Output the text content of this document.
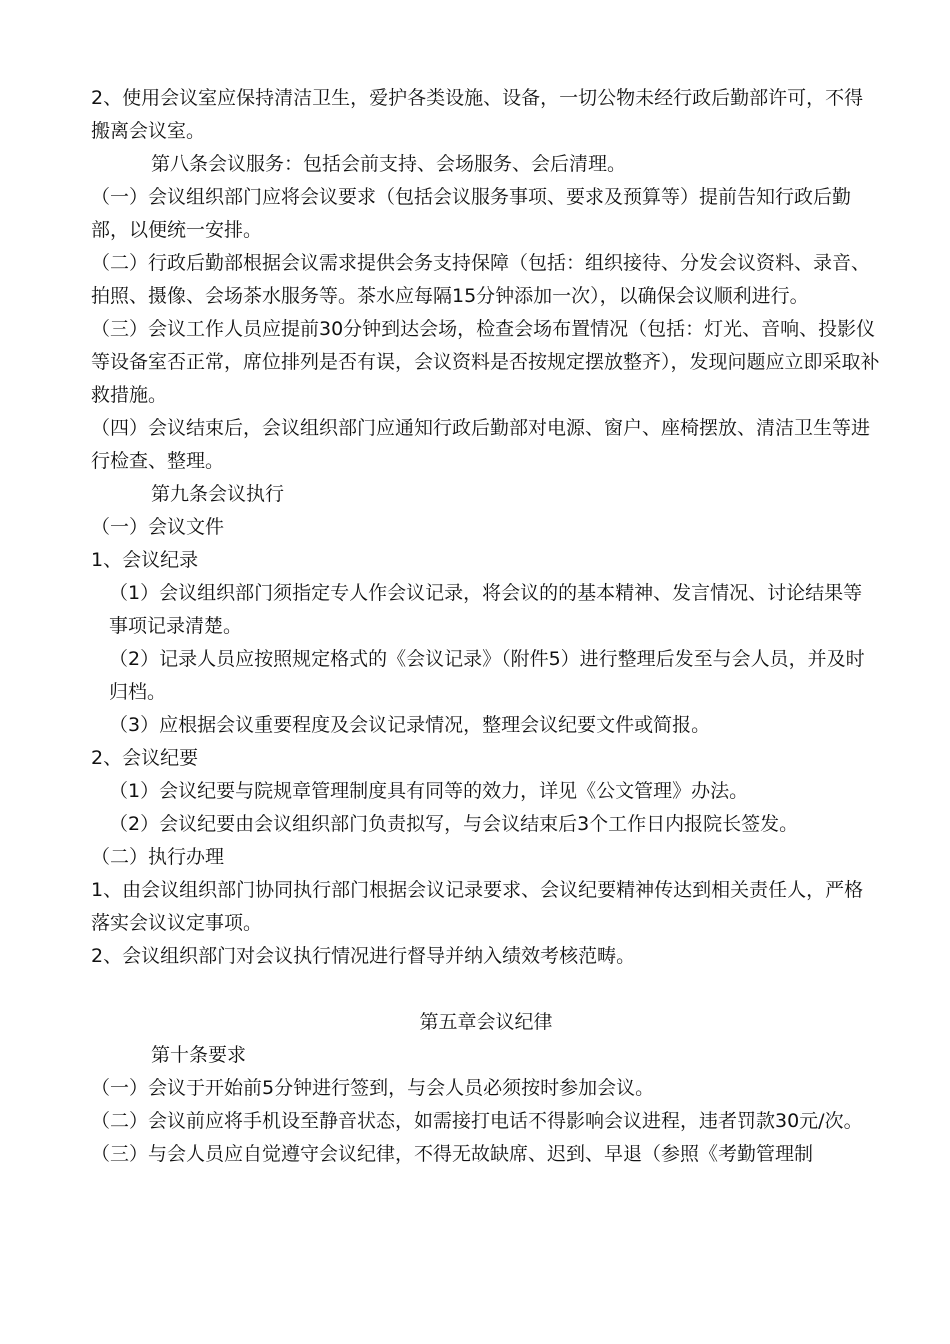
2、使用会议室应保持清洁卫生，爱护各类设施、设备，一切公物未经行政后勤部许可，不得搬离会议室。

第八条会议服务：包括会前支持、会场服务、会后清理。

（一）会议组织部门应将会议要求（包括会议服务事项、要求及预算等）提前告知行政后勤部，以便统一安排。

（二）行政后勤部根据会议需求提供会务支持保障（包括：组织接待、分发会议资料、录音、拍照、摄像、会场茶水服务等。茶水应每隔15分钟添加一次），以确保会议顺利进行。

（三）会议工作人员应提前30分钟到达会场，检查会场布置情况（包括：灯光、音响、投影仪等设备室否正常，席位排列是否有误，会议资料是否按规定摆放整齐），发现问题应立即采取补救措施。

（四）会议结束后，会议组织部门应通知行政后勤部对电源、窗户、座椅摆放、清洁卫生等进行检查、整理。

第九条会议执行

（一）会议文件

1、会议纪录

（1）会议组织部门须指定专人作会议记录，将会议的的基本精神、发言情况、讨论结果等事项记录清楚。

（2）记录人员应按照规定格式的《会议记录》（附件5）进行整理后发至与会人员，并及时归档。

（3）应根据会议重要程度及会议记录情况，整理会议纪要文件或简报。

2、会议纪要

（1）会议纪要与院规章管理制度具有同等的效力，详见《公文管理》办法。

（2）会议纪要由会议组织部门负责拟写，与会议结束后3个工作日内报院长签发。

（二）执行办理

1、由会议组织部门协同执行部门根据会议记录要求、会议纪要精神传达到相关责任人，严格落实会议议定事项。

2、会议组织部门对会议执行情况进行督导并纳入绩效考核范畴。

第五章会议纪律

第十条要求

（一）会议于开始前5分钟进行签到，与会人员必须按时参加会议。

（二）会议前应将手机设至静音状态，如需接打电话不得影响会议进程，违者罚款30元/次。

（三）与会人员应自觉遵守会议纪律，不得无故缺席、迟到、早退（参照《考勤管理制
